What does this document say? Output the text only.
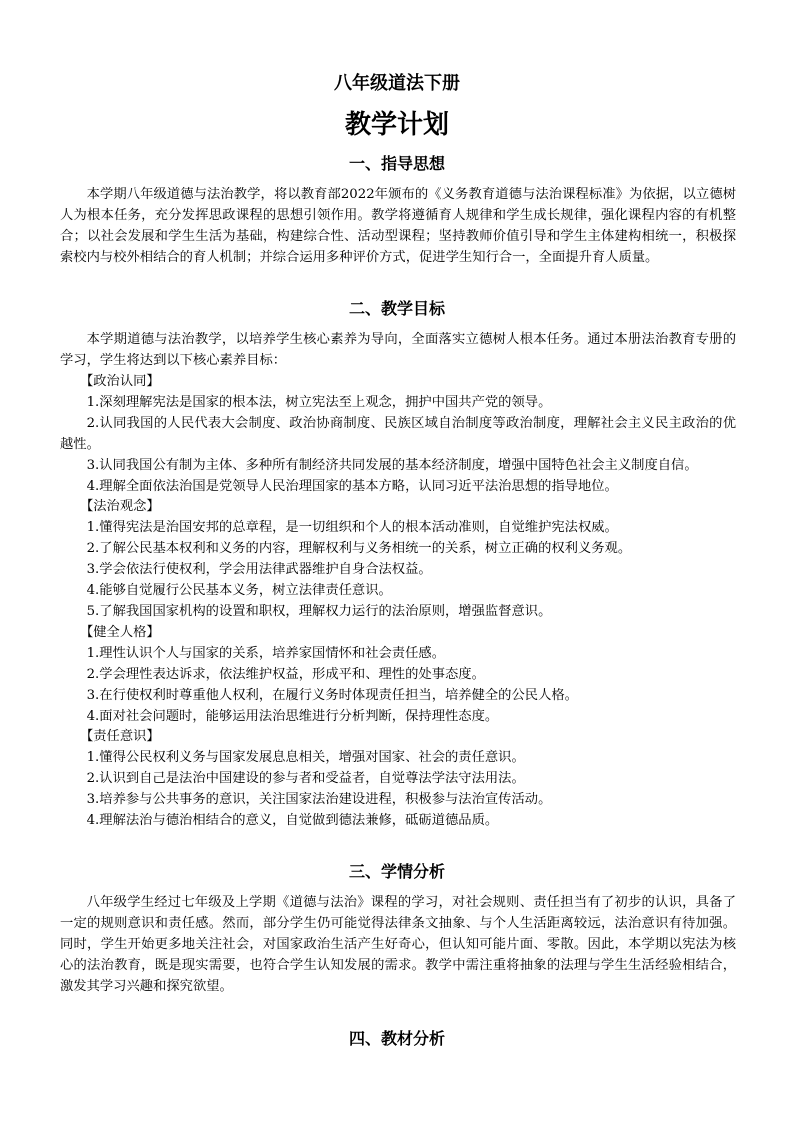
八年级道法下册
教学计划
一、指导思想

本学期八年级道德与法治教学，将以教育部2022年颁布的《义务教育道德与法治课程标准》为依据，以立德树人为根本任务，充分发挥思政课程的思想引领作用。教学将遵循育人规律和学生成长规律，强化课程内容的有机整合；以社会发展和学生生活为基础，构建综合性、活动型课程；坚持教师价值引导和学生主体建构相统一，积极探索校内与校外相结合的育人机制；并综合运用多种评价方式，促进学生知行合一，全面提升育人质量。

二、教学目标

本学期道德与法治教学，以培养学生核心素养为导向，全面落实立德树人根本任务。通过本册法治教育专册的学习，学生将达到以下核心素养目标：

【政治认同】
1.深刻理解宪法是国家的根本法，树立宪法至上观念，拥护中国共产党的领导。
2.认同我国的人民代表大会制度、政治协商制度、民族区域自治制度等政治制度，理解社会主义民主政治的优越性。
3.认同我国公有制为主体、多种所有制经济共同发展的基本经济制度，增强中国特色社会主义制度自信。
4.理解全面依法治国是党领导人民治理国家的基本方略，认同习近平法治思想的指导地位。
【法治观念】
1.懂得宪法是治国安邦的总章程，是一切组织和个人的根本活动准则，自觉维护宪法权威。
2.了解公民基本权利和义务的内容，理解权利与义务相统一的关系，树立正确的权利义务观。
3.学会依法行使权利，学会用法律武器维护自身合法权益。
4.能够自觉履行公民基本义务，树立法律责任意识。
5.了解我国国家机构的设置和职权，理解权力运行的法治原则，增强监督意识。
【健全人格】
1.理性认识个人与国家的关系，培养家国情怀和社会责任感。
2.学会理性表达诉求，依法维护权益，形成平和、理性的处事态度。
3.在行使权利时尊重他人权利，在履行义务时体现责任担当，培养健全的公民人格。
4.面对社会问题时，能够运用法治思维进行分析判断，保持理性态度。
【责任意识】
1.懂得公民权利义务与国家发展息息相关，增强对国家、社会的责任意识。
2.认识到自己是法治中国建设的参与者和受益者，自觉尊法学法守法用法。
3.培养参与公共事务的意识，关注国家法治建设进程，积极参与法治宣传活动。
4.理解法治与德治相结合的意义，自觉做到德法兼修，砥砺道德品质。
三、学情分析

八年级学生经过七年级及上学期《道德与法治》课程的学习，对社会规则、责任担当有了初步的认识，具备了一定的规则意识和责任感。然而，部分学生仍可能觉得法律条文抽象、与个人生活距离较远，法治意识有待加强。同时，学生开始更多地关注社会，对国家政治生活产生好奇心，但认知可能片面、零散。因此，本学期以宪法为核心的法治教育，既是现实需要，也符合学生认知发展的需求。教学中需注重将抽象的法理与学生生活经验相结合，激发其学习兴趣和探究欲望。

四、教材分析
